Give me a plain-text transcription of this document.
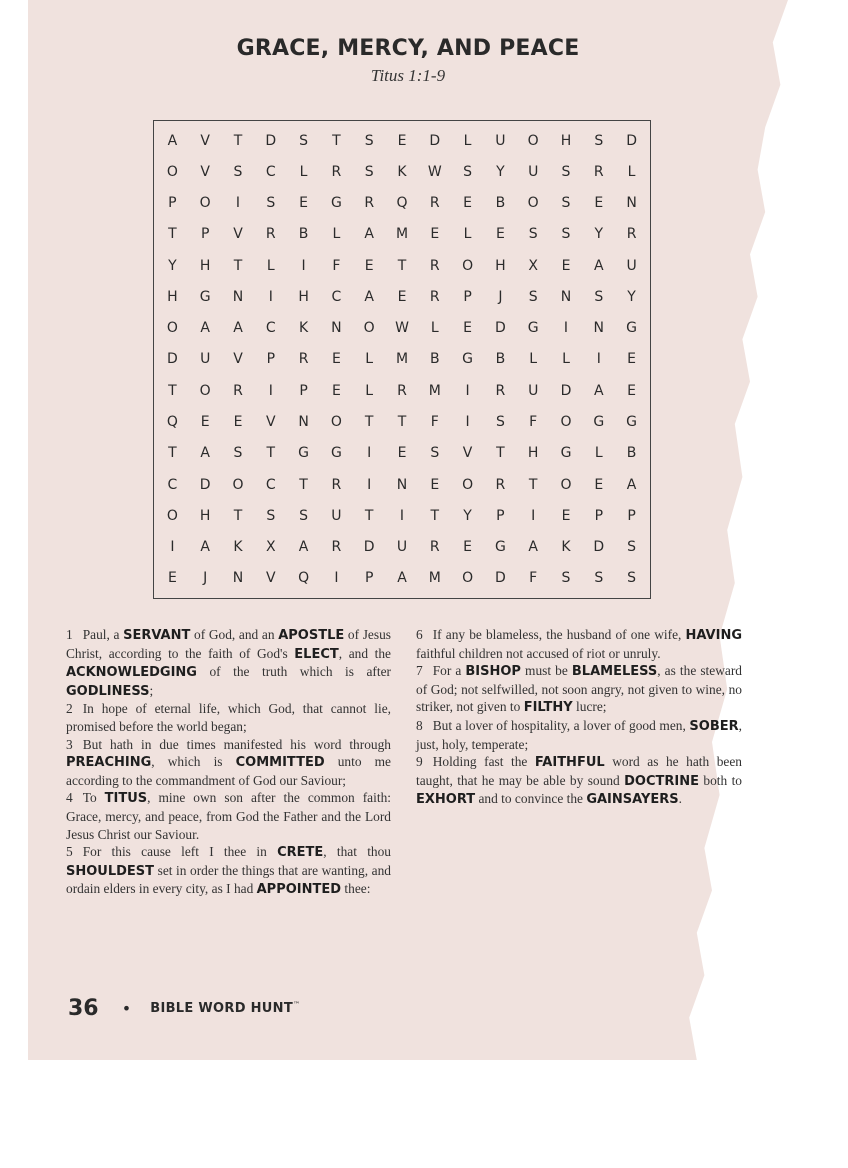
GRACE, MERCY, AND PEACE
Titus 1:1-9
A	V	T	D	S	T	S	E	D	L	U	O	H	S	D
O	V	S	C	L	R	S	K	W	S	Y	U	S	R	L
P	O	I	S	E	G	R	Q	R	E	B	O	S	E	N
T	P	V	R	B	L	A	M	E	L	E	S	S	Y	R
Y	H	T	L	I	F	E	T	R	O	H	X	E	A	U
H	G	N	I	H	C	A	E	R	P	J	S	N	S	Y
O	A	A	C	K	N	O	W	L	E	D	G	I	N	G
D	U	V	P	R	E	L	M	B	G	B	L	L	I	E
T	O	R	I	P	E	L	R	M	I	R	U	D	A	E
Q	E	E	V	N	O	T	T	F	I	S	F	O	G	G
T	A	S	T	G	G	I	E	S	V	T	H	G	L	B
C	D	O	C	T	R	I	N	E	O	R	T	O	E	A
O	H	T	S	S	U	T	I	T	Y	P	I	E	P	P
I	A	K	X	A	R	D	U	R	E	G	A	K	D	S
E	J	N	V	Q	I	P	A	M	O	D	F	S	S	S

1 Paul, a SERVANT of God, and an APOSTLE of Jesus Christ, according to the faith of God's ELECT, and the ACKNOWLEDGING of the truth which is after GODLINESS;

2 In hope of eternal life, which God, that cannot lie, promised before the world began;

3 But hath in due times manifested his word through PREACHING, which is COMMITTED unto me according to the commandment of God our Saviour;

4 To TITUS, mine own son after the common faith: Grace, mercy, and peace, from God the Father and the Lord Jesus Christ our Saviour.

5 For this cause left I thee in CRETE, that thou SHOULDEST set in order the things that are wanting, and ordain elders in every city, as I had APPOINTED thee:

6 If any be blameless, the husband of one wife, HAVING faithful children not accused of riot or unruly.

7 For a BISHOP must be BLAMELESS, as the steward of God; not selfwilled, not soon angry, not given to wine, no striker, not given to FILTHY lucre;

8 But a lover of hospitality, a lover of good men, SOBER, just, holy, temperate;

9 Holding fast the FAITHFUL word as he hath been taught, that he may be able by sound DOCTRINE both to EXHORT and to convince the GAINSAYERS.

36 • BIBLE WORD HUNT™
